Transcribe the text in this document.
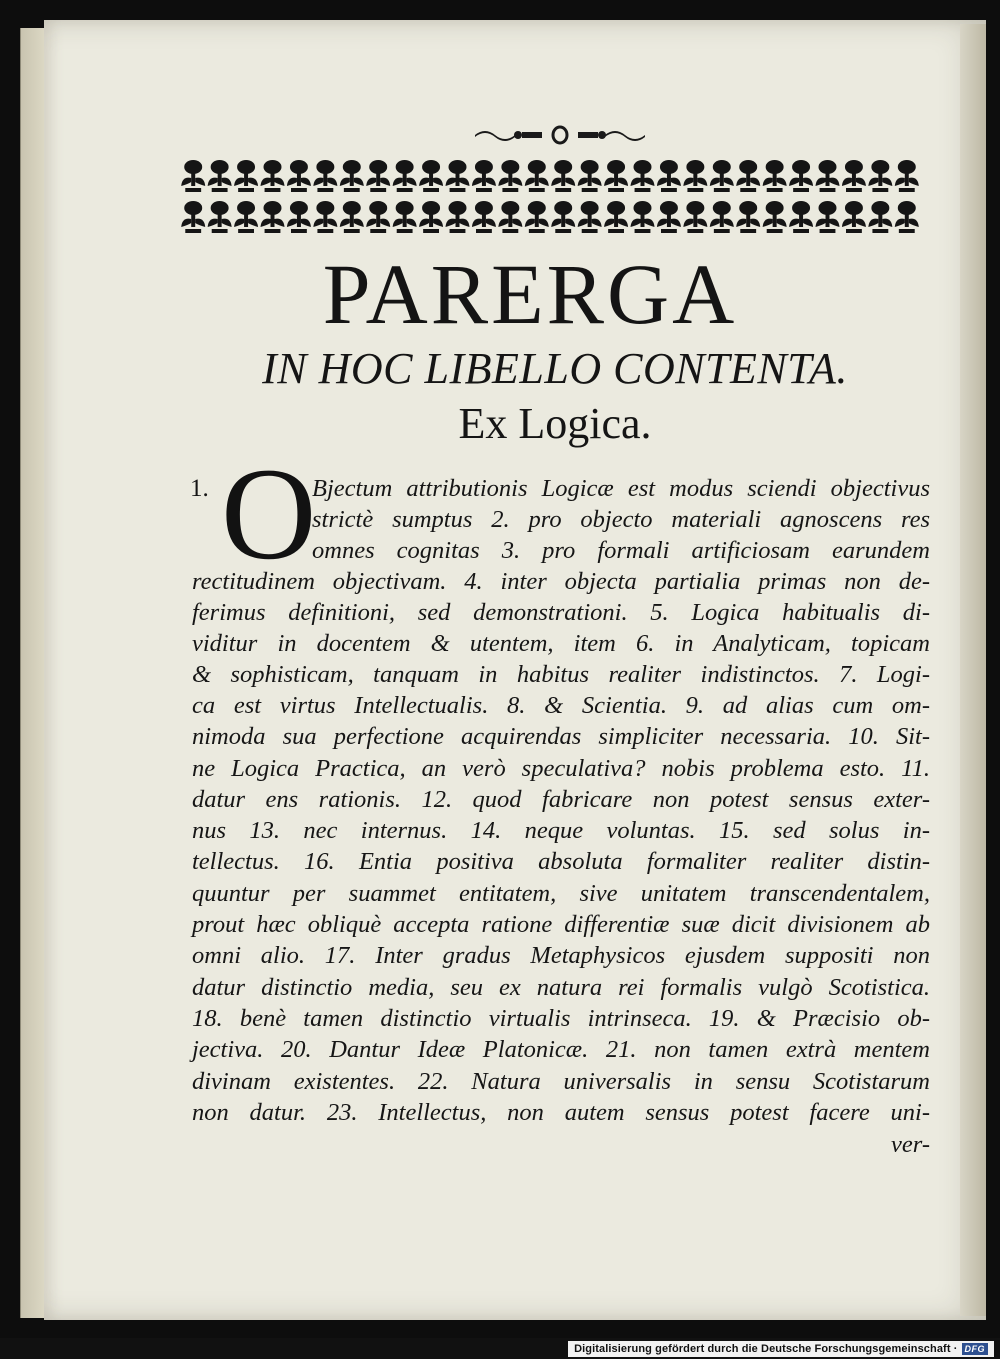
PARERGA
IN HOC LIBELLO CONTENTA.
Ex Logica.
1. O
Bjectum attributionis Logicæ est modus sciendi objectivus
strictè sumptus 2. pro objecto materiali agnoscens res
omnes cognitas 3. pro formali artificiosam earundem
rectitudinem objectivam. 4. inter objecta partialia primas non de-
ferimus definitioni, sed demonstrationi. 5. Logica habitualis di-
viditur in docentem & utentem, item 6. in Analyticam, topicam
& sophisticam, tanquam in habitus realiter indistinctos. 7. Logi-
ca est virtus Intellectualis. 8. & Scientia. 9. ad alias cum om-
nimoda sua perfectione acquirendas simpliciter necessaria. 10. Sit-
ne Logica Practica, an verò speculativa? nobis problema esto. 11.
datur ens rationis. 12. quod fabricare non potest sensus exter-
nus 13. nec internus. 14. neque voluntas. 15. sed solus in-
tellectus. 16. Entia positiva absoluta formaliter realiter distin-
quuntur per suammet entitatem, sive unitatem transcendentalem,
prout hæc obliquè accepta ratione differentiæ suæ dicit divisionem ab
omni alio. 17. Inter gradus Metaphysicos ejusdem suppositi non
datur distinctio media, seu ex natura rei formalis vulgò Scotistica.
18. benè tamen distinctio virtualis intrinseca. 19. & Præcisio ob-
jectiva. 20. Dantur Ideæ Platonicæ. 21. non tamen extrà mentem
divinam existentes. 22. Natura universalis in sensu Scotistarum
non datur. 23. Intellectus, non autem sensus potest facere uni-
ver-
Digitalisierung gefördert durch die Deutsche Forschungsgemeinschaft · DFG
